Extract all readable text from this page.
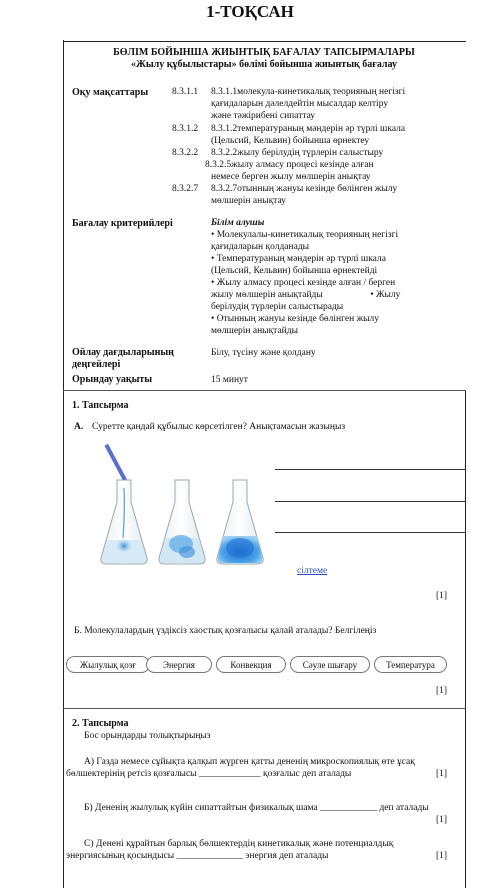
1-ТОҚСАН
БӨЛІМ БОЙЫНША ЖИЫНТЫҚ БАҒАЛАУ ТАПСЫРМАЛАРЫ
«Жылу құбылыстары» бөлімі бойынша жиынтық бағалау
Оқу мақсаттары	8.3.1.1 8.3.1.1молекула-кинетикалық теорияның негізгі
қағидаларын дәлелдейтін мысалдар келтіру
және тәжірибені сипаттау
8.3.1.2 8.3.1.2температураның мәндерін әр түрлі шкала
(Цельсий, Кельвин) бойынша өрнектеу
8.3.2.2 8.3.2.2жылу берілудің түрлерін салыстыру
8.3.2.5жылу алмасу процесі кезінде алған
немесе берген жылу мөлшерін анықтау
8.3.2.7 8.3.2.7отынның жануы кезінде бөлінген жылу
мөлшерін анықтау
Бағалау критерийлері	Білім алушы
• Молекулалы-кинетикалық теорияның негізгі
қағидаларын қолданады
• Температураның мәндерін әр түрлі шкала
(Цельсий, Кельвин) бойынша өрнектейді
• Жылу алмасу процесі кезінде алған / берген
жылу мөлшерін анықтайды                    • Жылу
берілудің түрлерін салыстырады
• Отынның жануы кезінде бөлінген жылу
мөлшерін анықтайды
Ойлау дағдыларының
деңгейлері
Білу, түсіну және қолдану
Орындау уақыты	15 минут
1. Тапсырма
А. Суретте қандай құбылыс көрсетілген? Анықтамасын жазыңыз
сілтеме
[1]
Б. Молекулалардың үздіксіз хаостық қозғалысы қалай аталады? Белгілеңіз
Жылулық қозғ	Энергия	Конвекция	Сәуле шығару	Температура
[1]
2. Тапсырма
Бос орындарды толықтырыңыз
А) Газда немесе сұйықта қалқып жүрген қатты дененің микроскопиялық өте ұсақ
бөлшектерінің ретсіз қозғалысы _____________ қозғалыс деп аталады	[1]
Б) Дененің жылулық күйін сипаттайтын физикалық шама ____________ деп аталады
[1]
С) Денені құрайтын барлық бөлшектердің кинетикалық және потенциалдық
энергиясының қосындысы ______________ энергия деп аталады	[1]
